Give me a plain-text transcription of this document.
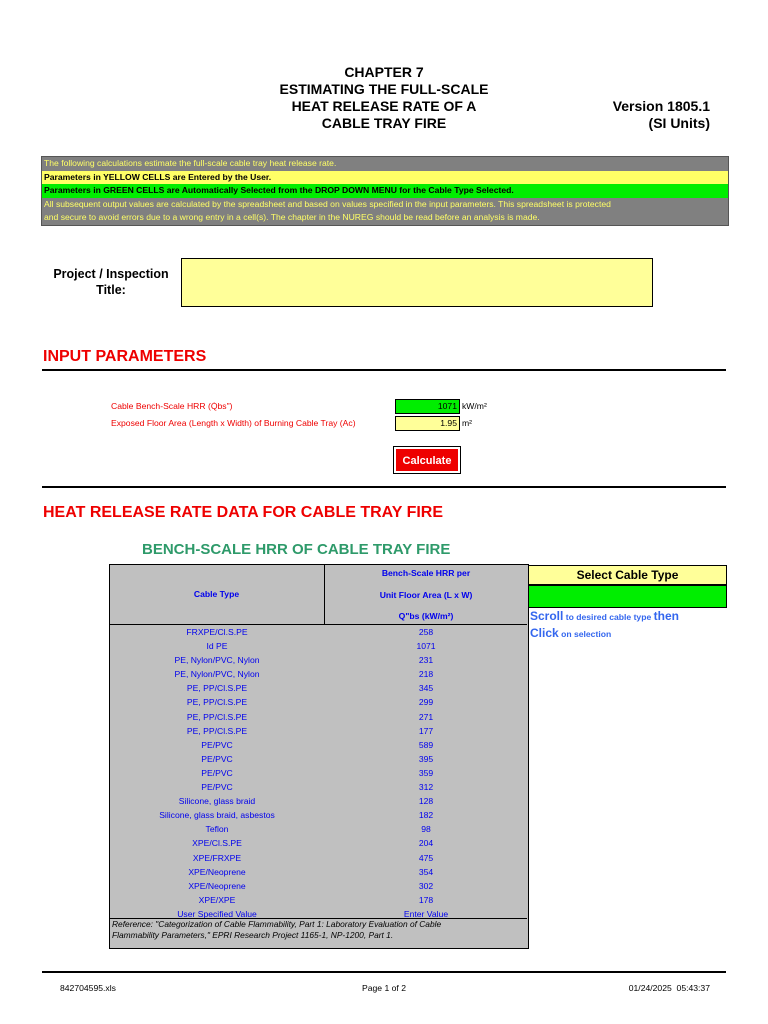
CHAPTER 7
ESTIMATING THE FULL-SCALE
HEAT RELEASE RATE OF A
CABLE TRAY FIRE
Version 1805.1
(SI Units)
The following calculations estimate the full-scale cable tray heat release rate.
Parameters in YELLOW CELLS are Entered by the User.
Parameters in GREEN CELLS are Automatically Selected from the DROP DOWN MENU for the Cable Type Selected.
All subsequent output values are calculated by the spreadsheet and based on values specified in the input parameters. This spreadsheet is protected
and secure to avoid errors due to a wrong entry in a cell(s). The chapter in the NUREG should be read before an analysis is made.
Project / Inspection
Title:
INPUT PARAMETERS
Cable Bench-Scale HRR (Q̇bs")	1071 kW/m²
Exposed Floor Area (Length x Width) of Burning Cable Tray (Ac)	1.95 m²
Calculate
HEAT RELEASE RATE DATA FOR CABLE TRAY FIRE
BENCH-SCALE HRR OF CABLE TRAY FIRE
Cable Type
Bench-Scale HRR per
Unit Floor Area (L x W)
Q"bs (kW/m²)
FRXPE/Cl.S.PE	258
Id PE	1071
PE, Nylon/PVC, Nylon	231
PE, Nylon/PVC, Nylon	218
PE, PP/Cl.S.PE	345
PE, PP/Cl.S.PE	299
PE, PP/Cl.S.PE	271
PE, PP/Cl.S.PE	177
PE/PVC	589
PE/PVC	395
PE/PVC	359
PE/PVC	312
Silicone, glass braid	128
Silicone, glass braid, asbestos	182
Teflon	98
XPE/Cl.S.PE	204
XPE/FRXPE	475
XPE/Neoprene	354
XPE/Neoprene	302
XPE/XPE	178
User Specified Value	Enter Value
Reference: "Categorization of Cable Flammability, Part 1: Laboratory Evaluation of Cable
Flammability Parameters," EPRI Research Project 1165-1, NP-1200, Part 1.
Select Cable Type
Scroll to desired cable type then
Click on selection
842704595.xls	Page 1 of 2	01/24/2025  05:43:37
